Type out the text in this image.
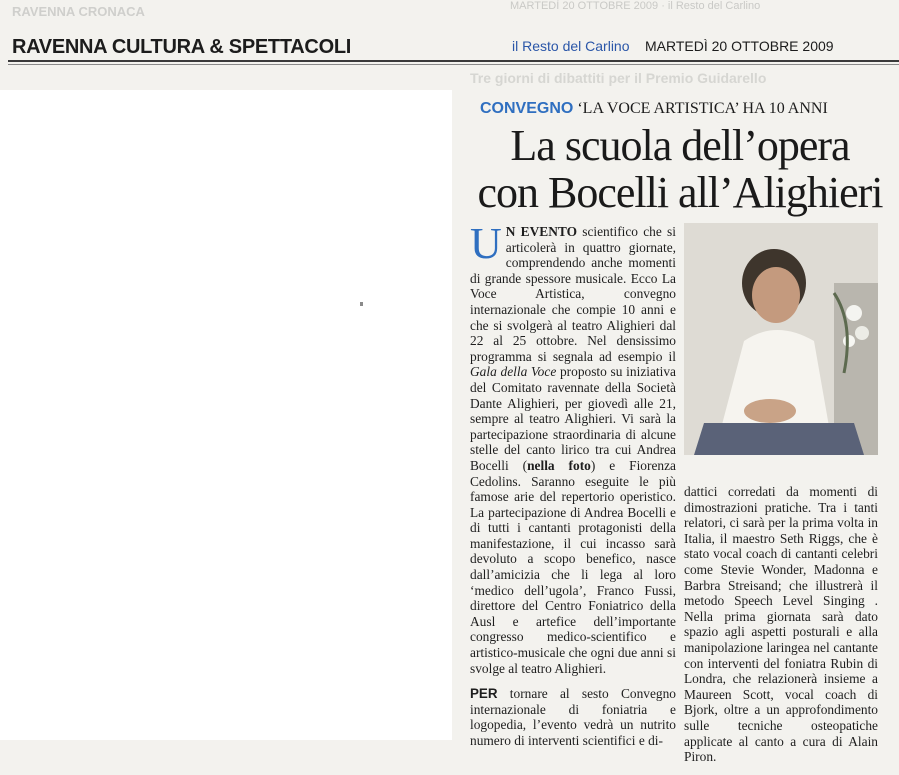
RAVENNA CRONACA	MARTEDÌ 20 OTTOBRE 2009 · il Resto del Carlino
RAVENNA CULTURA & SPETTACOLI	il Resto del Carlino MARTEDÌ 20 OTTOBRE 2009
Tre giorni di dibattiti per il Premio Guidarello
CONVEGNO ‘LA VOCE ARTISTICA’ HA 10 ANNI
La scuola dell’opera
con Bocelli all’Alighieri

U N EVENTO scientifico che si articolerà in quattro giornate, comprendendo anche momenti di grande spessore musicale. Ecco La Voce Artistica, convegno internazionale che compie 10 anni e che si svolgerà al teatro Alighieri dal 22 al 25 ottobre. Nel densissimo programma si segnala ad esempio il Gala della Voce proposto su iniziativa del Comitato ravennate della Società Dante Alighieri, per giovedì alle 21, sempre al teatro Alighieri. Vi sarà la partecipazione straordinaria di alcune stelle del canto lirico tra cui Andrea Bocelli (nella foto) e Fiorenza Cedolins. Saranno eseguite le più famose arie del repertorio operistico. La partecipazione di Andrea Bocelli e di tutti i cantanti protagonisti della manifestazione, il cui incasso sarà devoluto a scopo benefico, nasce dall’amicizia che li lega al loro ‘medico dell’ugola’, Franco Fussi, direttore del Centro Foniatrico della Ausl e artefice dell’importante congresso medico-scientifico e artistico-musicale che ogni due anni si svolge al teatro Alighieri.

PER tornare al sesto Convegno internazionale di foniatria e logopedia, l’evento vedrà un nutrito numero di interventi scientifici e di-

dattici corredati da momenti di dimostrazioni pratiche. Tra i tanti relatori, ci sarà per la prima volta in Italia, il maestro Seth Riggs, che è stato vocal coach di cantanti celebri come Stevie Wonder, Madonna e Barbra Streisand; che illustrerà il metodo Speech Level Singing . Nella prima giornata sarà dato spazio agli aspetti posturali e alla manipolazione laringea nel cantante con interventi del foniatra Rubin di Londra, che relazionerà insieme a Maureen Scott, vocal coach di Bjork, oltre a un approfondimento sulle tecniche osteopatiche applicate al canto a cura di Alain Piron.
